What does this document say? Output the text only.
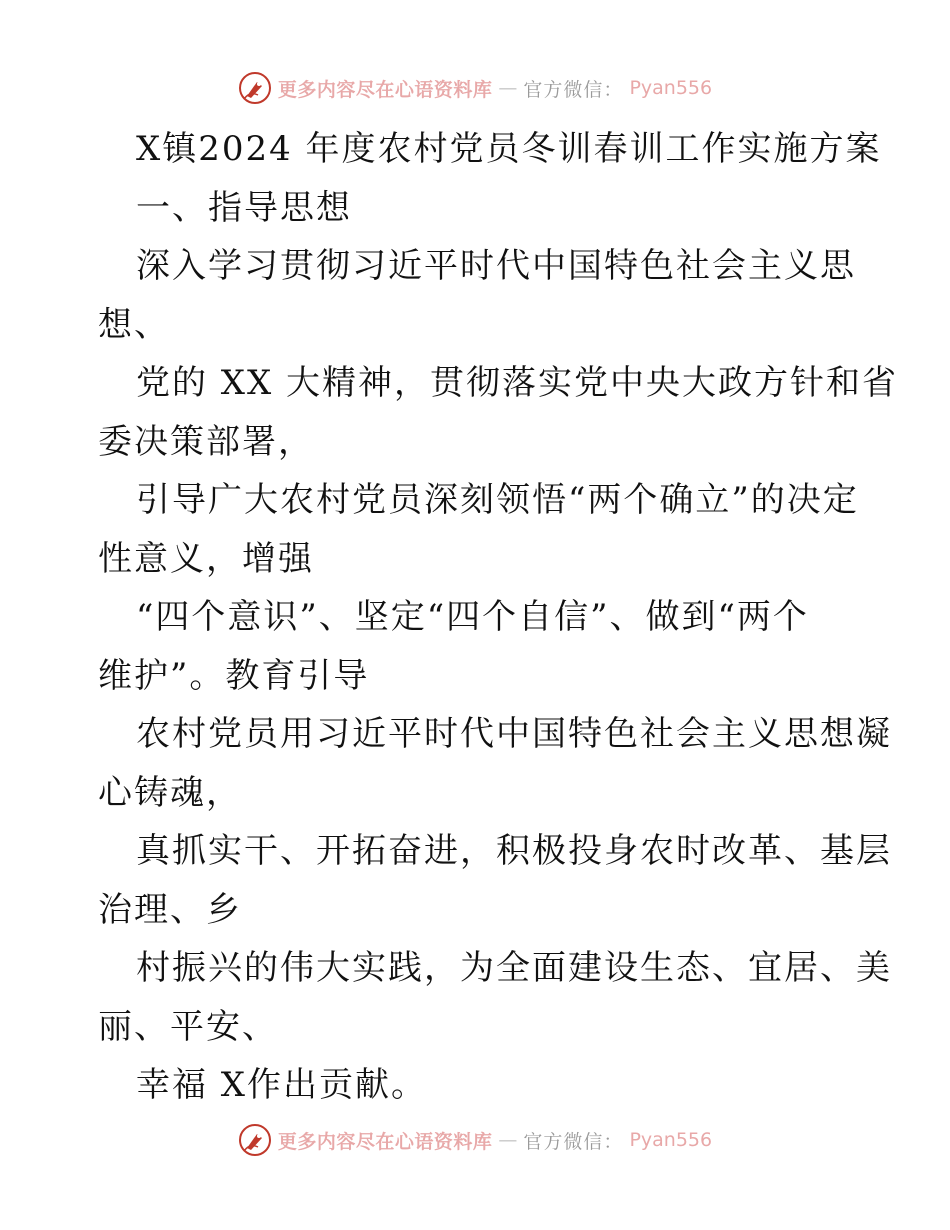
更多内容尽在心语资料库 — 官方微信： Pyan556
X镇2024 年度农村党员冬训春训工作实施方案
一、指导思想
深入学习贯彻习近平时代中国特色社会主义思
想、
党的 XX 大精神，贯彻落实党中央大政方针和省
委决策部署，
引导广大农村党员深刻领悟“两个确立”的决定
性意义，增强
“四个意识”、坚定“四个自信”、做到“两个
维护”。教育引导
农村党员用习近平时代中国特色社会主义思想凝
心铸魂，
真抓实干、开拓奋进，积极投身农时改革、基层
治理、乡
村振兴的伟大实践，为全面建设生态、宜居、美
丽、平安、
幸福 X作出贡献。
更多内容尽在心语资料库 — 官方微信： Pyan556
